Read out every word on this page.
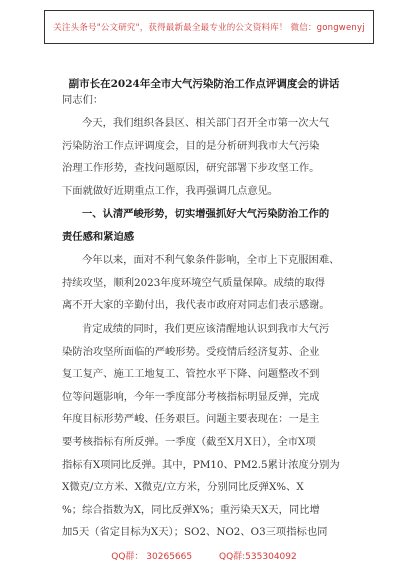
关注头条号"公文研究"，获得最新最全最专业的公文资料库！ 微信：gongwenyj
副市长在2024年全市大气污染防治工作点评调度会的讲话
同志们：
今天，我们组织各县区、相关部门召开全市第一次大气
污染防治工作点评调度会，目的是分析研判我市大气污染
治理工作形势，查找问题原因，研究部署下步攻坚工作。
下面就做好近期重点工作，我再强调几点意见。
一、认清严峻形势，切实增强抓好大气污染防治工作的
责任感和紧迫感
今年以来，面对不利气象条件影响，全市上下克服困难、
持续攻坚，顺利2023年度环境空气质量保障。成绩的取得
离不开大家的辛勤付出，我代表市政府对同志们表示感谢。
肯定成绩的同时，我们更应该清醒地认识到我市大气污
染防治攻坚所面临的严峻形势。受疫情后经济复苏、企业
复工复产、施工工地复工、管控水平下降、问题整改不到
位等问题影响，今年一季度部分考核指标明显反弹，完成
年度目标形势严峻、任务艰巨。问题主要表现在：一是主
要考核指标有所反弹。一季度（截至X月X日），全市X项
指标有X项同比反弹。其中，PM10、PM2.5累计浓度分别为
X微克/立方米、X微克/立方米，分别同比反弹X%、X
%；综合指数为X，同比反弹X%；重污染天X天，同比增
加5天（省定目标为X天）；SO2、NO2、O3三项指标也同
QQ群： 30265665	QQ群:535304092
